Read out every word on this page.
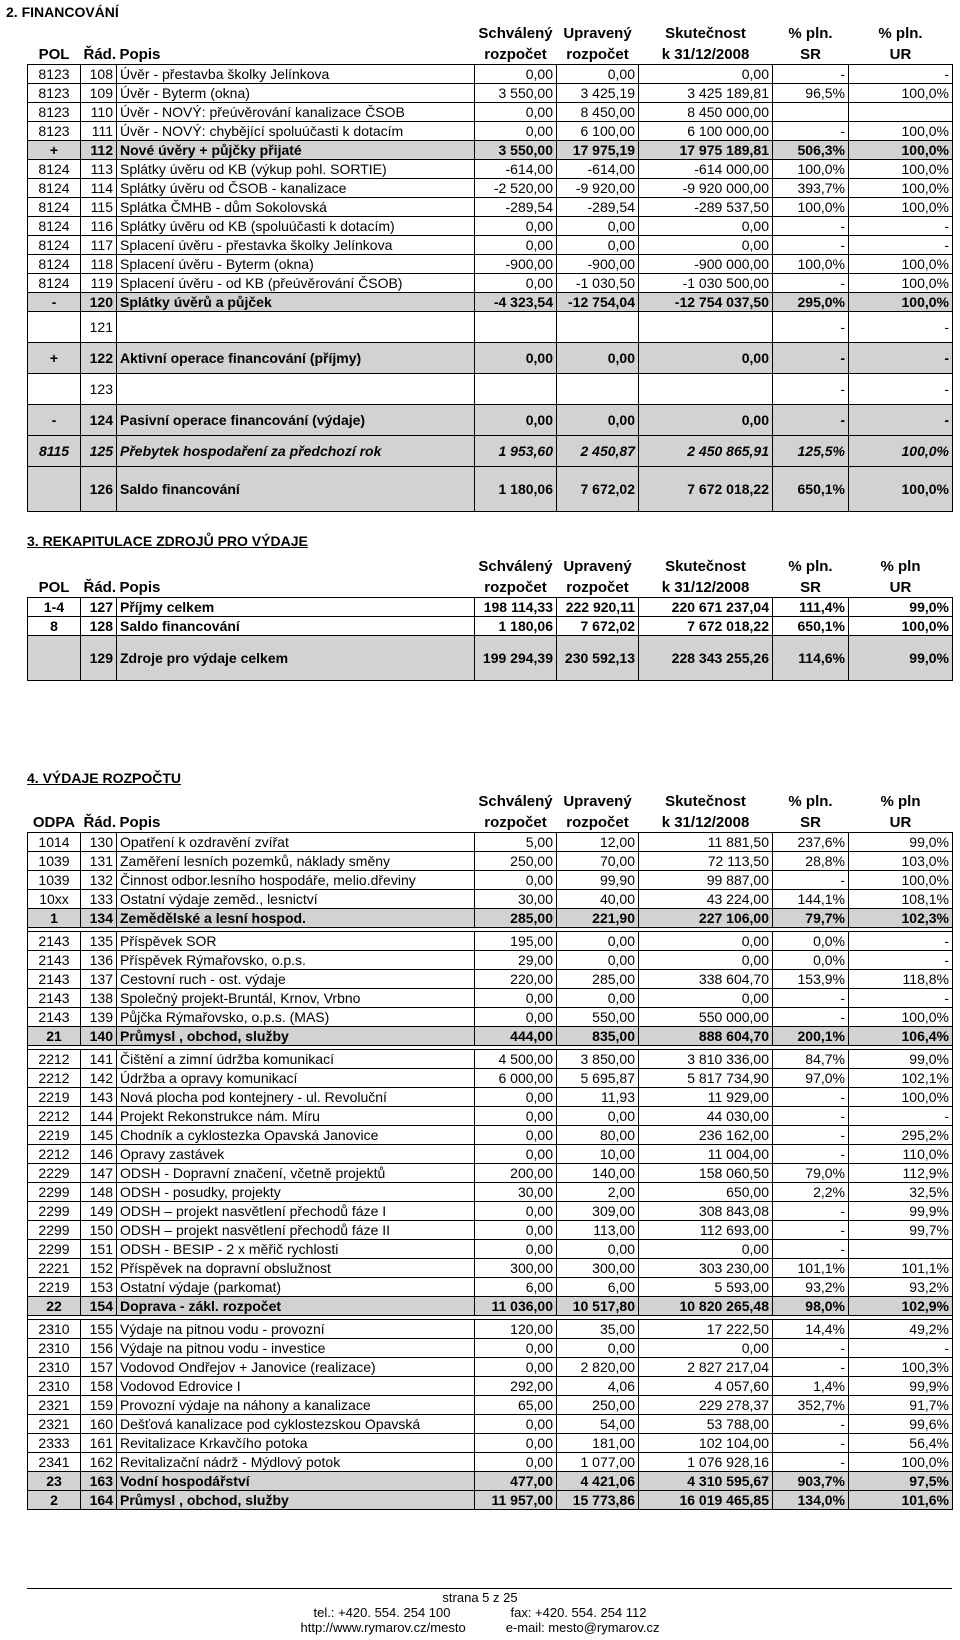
2. FINANCOVÁNÍ
			Schválený	Upravený	Skutečnost	% pln.	% pln.
POL	Řád.	Popis	rozpočet	rozpočet	k 31/12/2008	SR	UR
8123	108	Úvěr - přestavba školky Jelínkova	0,00	0,00	0,00	-	-
8123	109	Úvěr - Byterm (okna)	3 550,00	3 425,19	3 425 189,81	96,5%	100,0%
8123	110	Úvěr - NOVÝ: přeúvěrování kanalizace ČSOB	0,00	8 450,00	8 450 000,00		
8123	111	Úvěr - NOVÝ: chybějící spoluúčasti k dotacím	0,00	6 100,00	6 100 000,00	-	100,0%
+	112	Nové úvěry + půjčky přijaté	3 550,00	17 975,19	17 975 189,81	506,3%	100,0%
8124	113	Splátky úvěru od KB (výkup pohl. SORTIE)	-614,00	-614,00	-614 000,00	100,0%	100,0%
8124	114	Splátky úvěru od ČSOB - kanalizace	-2 520,00	-9 920,00	-9 920 000,00	393,7%	100,0%
8124	115	Splátka ČMHB - dům Sokolovská	-289,54	-289,54	-289 537,50	100,0%	100,0%
8124	116	Splátky úvěru od KB (spoluúčasti k dotacím)	0,00	0,00	0,00	-	-
8124	117	Splacení úvěru - přestavka školky Jelínkova	0,00	0,00	0,00	-	-
8124	118	Splacení úvěru - Byterm (okna)	-900,00	-900,00	-900 000,00	100,0%	100,0%
8124	119	Splacení úvěru - od KB (přeúvěrování ČSOB)	0,00	-1 030,50	-1 030 500,00	-	100,0%
-	120	Splátky úvěrů a půjček	-4 323,54	-12 754,04	-12 754 037,50	295,0%	100,0%
	121					-	-
+	122	Aktivní operace financování (příjmy)	0,00	0,00	0,00	-	-
	123					-	-
-	124	Pasivní operace financování (výdaje)	0,00	0,00	0,00	-	-
8115	125	Přebytek hospodaření za předchozí rok	1 953,60	2 450,87	2 450 865,91	125,5%	100,0%
	126	Saldo financování	1 180,06	7 672,02	7 672 018,22	650,1%	100,0%
3. REKAPITULACE ZDROJŮ PRO VÝDAJE
			Schválený	Upravený	Skutečnost	% pln.	% pln
POL	Řád.	Popis	rozpočet	rozpočet	k 31/12/2008	SR	UR
1-4	127	Příjmy celkem	198 114,33	222 920,11	220 671 237,04	111,4%	99,0%
8	128	Saldo financování	1 180,06	7 672,02	7 672 018,22	650,1%	100,0%
	129	Zdroje pro výdaje celkem	199 294,39	230 592,13	228 343 255,26	114,6%	99,0%
4. VÝDAJE ROZPOČTU
			Schválený	Upravený	Skutečnost	% pln.	% pln
ODPA	Řád.	Popis	rozpočet	rozpočet	k 31/12/2008	SR	UR
1014	130	Opatření k ozdravění zvířat	5,00	12,00	11 881,50	237,6%	99,0%
1039	131	Zaměření lesních pozemků, náklady směny	250,00	70,00	72 113,50	28,8%	103,0%
1039	132	Činnost odbor.lesního hospodáře, melio.dřeviny	0,00	99,90	99 887,00	-	100,0%
10xx	133	Ostatní výdaje zeměd., lesnictví	30,00	40,00	43 224,00	144,1%	108,1%
1	134	Zemědělské a lesní hospod.	285,00	221,90	227 106,00	79,7%	102,3%

2143	135	Příspěvek SOR	195,00	0,00	0,00	0,0%	-
2143	136	Příspěvek Rýmařovsko, o.p.s.	29,00	0,00	0,00	0,0%	-
2143	137	Cestovní ruch - ost. výdaje	220,00	285,00	338 604,70	153,9%	118,8%
2143	138	Společný projekt-Bruntál, Krnov, Vrbno	0,00	0,00	0,00	-	-
2143	139	Půjčka Rýmařovsko, o.p.s. (MAS)	0,00	550,00	550 000,00	-	100,0%
21	140	Průmysl , obchod, služby	444,00	835,00	888 604,70	200,1%	106,4%

2212	141	Čištění a zimní údržba komunikací	4 500,00	3 850,00	3 810 336,00	84,7%	99,0%
2212	142	Údržba a opravy komunikací	6 000,00	5 695,87	5 817 734,90	97,0%	102,1%
2219	143	Nová plocha pod kontejnery - ul. Revoluční	0,00	11,93	11 929,00	-	100,0%
2212	144	Projekt Rekonstrukce nám. Míru	0,00	0,00	44 030,00	-	-
2219	145	Chodník a cyklostezka Opavská Janovice	0,00	80,00	236 162,00	-	295,2%
2212	146	Opravy zastávek	0,00	10,00	11 004,00	-	110,0%
2229	147	ODSH - Dopravní značení, včetně projektů	200,00	140,00	158 060,50	79,0%	112,9%
2299	148	ODSH - posudky, projekty	30,00	2,00	650,00	2,2%	32,5%
2299	149	ODSH – projekt nasvětlení přechodů fáze I	0,00	309,00	308 843,08	-	99,9%
2299	150	ODSH – projekt nasvětlení přechodů fáze II	0,00	113,00	112 693,00	-	99,7%
2299	151	ODSH - BESIP - 2 x měřič rychlosti	0,00	0,00	0,00	-	
2221	152	Příspěvek na dopravní obslužnost	300,00	300,00	303 230,00	101,1%	101,1%
2219	153	Ostatní výdaje (parkomat)	6,00	6,00	5 593,00	93,2%	93,2%
22	154	Doprava - zákl. rozpočet	11 036,00	10 517,80	10 820 265,48	98,0%	102,9%

2310	155	Výdaje na pitnou vodu - provozní	120,00	35,00	17 222,50	14,4%	49,2%
2310	156	Výdaje na pitnou vodu - investice	0,00	0,00	0,00	-	-
2310	157	Vodovod Ondřejov + Janovice (realizace)	0,00	2 820,00	2 827 217,04	-	100,3%
2310	158	Vodovod Edrovice I	292,00	4,06	4 057,60	1,4%	99,9%
2321	159	Provozní výdaje na náhony a kanalizace	65,00	250,00	229 278,37	352,7%	91,7%
2321	160	Dešťová kanalizace pod cyklostezskou Opavská	0,00	54,00	53 788,00	-	99,6%
2333	161	Revitalizace Krkavčího potoka	0,00	181,00	102 104,00	-	56,4%
2341	162	Revitalizační nádrž - Mýdlový potok	0,00	1 077,00	1 076 928,16	-	100,0%
23	163	Vodní hospodářství	477,00	4 421,06	4 310 595,67	903,7%	97,5%
2	164	Průmysl , obchod, služby	11 957,00	15 773,86	16 019 465,85	134,0%	101,6%
strana 5 z 25
tel.: +420. 554. 254 100	fax: +420. 554. 254 112
http://www.rymarov.cz/mesto	e-mail: mesto@rymarov.cz
